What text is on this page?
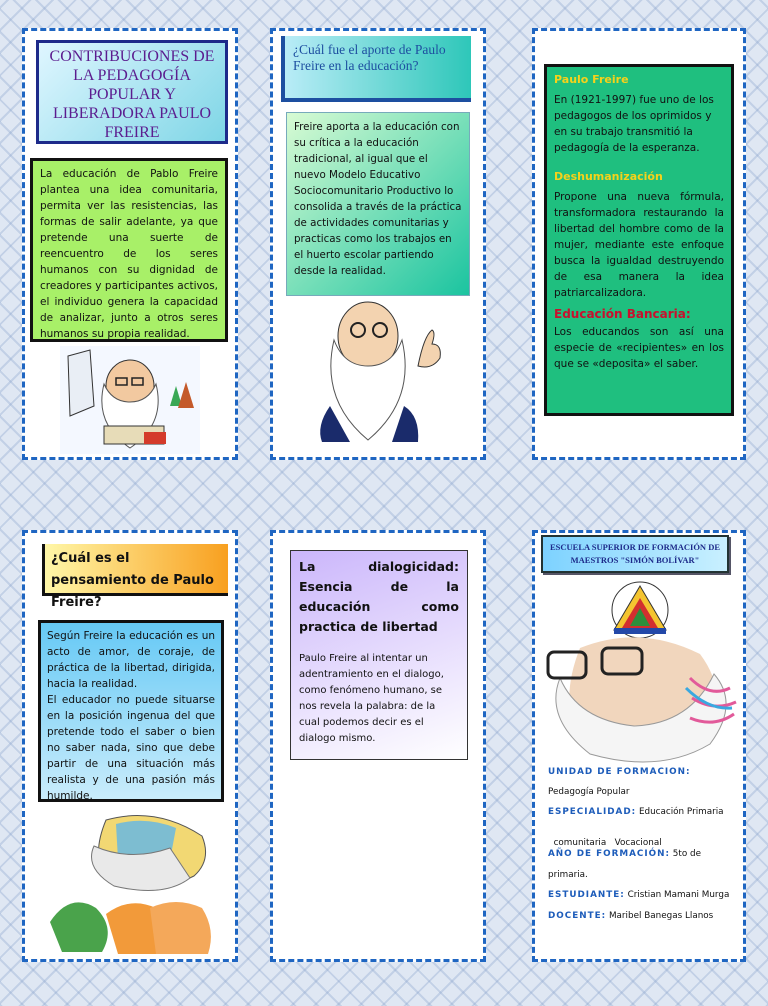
CONTRIBUCIONES DE LA PEDAGOGÍA POPULAR Y LIBERADORA PAULO FREIRE

La educación de Pablo Freire plantea una idea comunitaria, permita ver las resistencias, las formas de salir adelante, ya que pretende una suerte de reencuentro de los seres humanos con su dignidad de creadores y participantes activos, el individuo genera la capacidad de analizar, junto a otros seres humanos su propia realidad.

¿Cuál fue el aporte de Paulo Freire en la educación?

Freire aporta a la educación con su crítica a la educación tradicional, al igual que el nuevo Modelo Educativo Sociocomunitario Productivo lo consolida a través de la práctica de actividades comunitarias y practicas como los trabajos en el huerto escolar partiendo desde la realidad.

Paulo Freire

En (1921-1997) fue uno de los pedagogos de los oprimidos y en su trabajo transmitió la pedagogía de la esperanza.

Deshumanización

Propone una nueva fórmula, transformadora restaurando la libertad del hombre como de la mujer, mediante este enfoque busca la igualdad destruyendo de esa manera la idea patriarcalizadora.

Educación Bancaria:

Los educandos son así una especie de «recipientes» en los que se «deposita» el saber.

¿Cuál es el pensamiento de Paulo Freire?

Según Freire la educación es un acto de amor, de coraje, de práctica de la libertad, dirigida, hacia la realidad.

El educador no puede situarse en la posición ingenua del que pretende todo el saber o bien no saber nada, sino que debe partir de una situación más realista y de una pasión más humilde.

La dialogicidad: Esencia de la educación como practica de libertad

Paulo Freire al intentar un adentramiento en el dialogo, como fenómeno humano, se nos revela la palabra: de la cual podemos decir es el dialogo mismo.

ESCUELA SUPERIOR DE FORMACIÓN DE MAESTROS "SIMÓN BOLÍVAR"
UNIDAD DE FORMACION:
Pedagogía Popular
ESPECIALIDAD: Educación Primaria

comunitaria   Vocacional

AÑO DE FORMACIÓN: 5to de
primaria.
ESTUDIANTE: Cristian Mamani Murga
DOCENTE: Maribel Banegas Llanos
